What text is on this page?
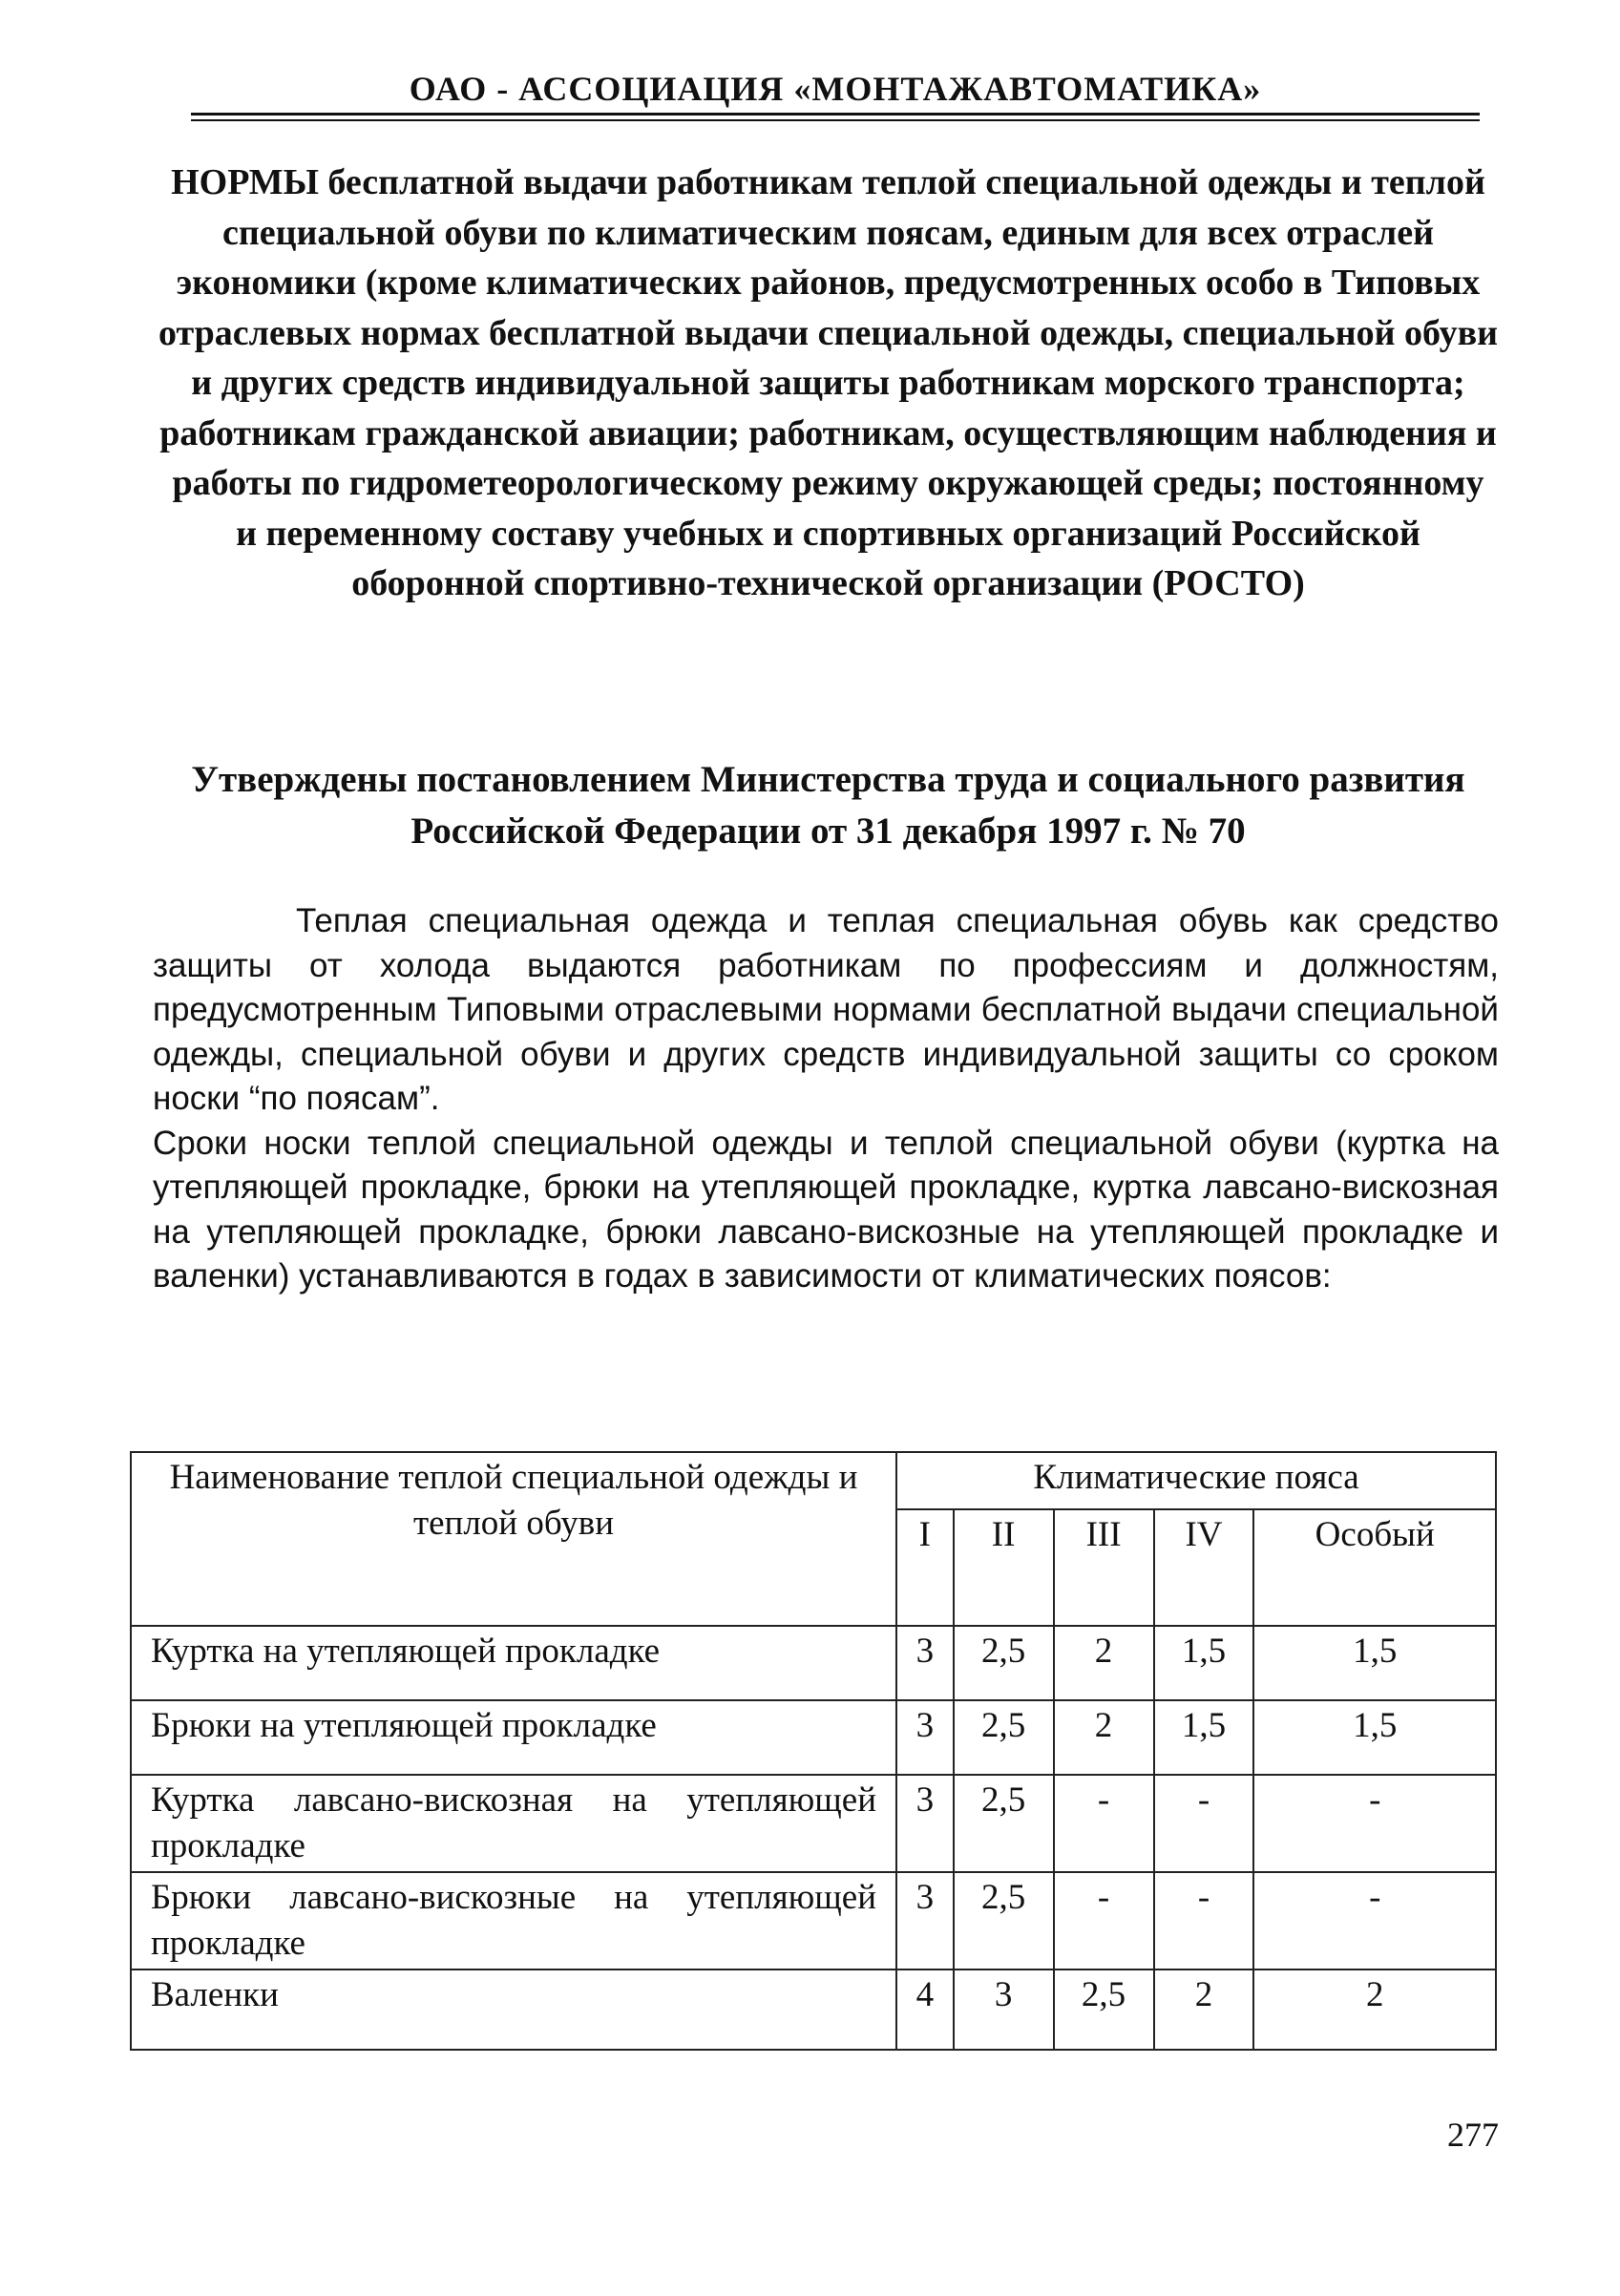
ОАО - АССОЦИАЦИЯ «МОНТАЖАВТОМАТИКА»
НОРМЫ бесплатной выдачи работникам теплой специальной одежды и теплой специальной обуви по климатическим поясам, единым для всех отраслей экономики (кроме климатических районов, предусмотренных особо в Типовых отраслевых нормах бесплатной выдачи специальной одежды, специальной обуви и других средств индивидуальной защиты работникам морского транспорта; работникам гражданской авиации; работникам, осуществляющим наблюдения и работы по гидрометеорологическому режиму окружающей среды; постоянному и переменному составу учебных и спортивных организаций Российской оборонной спортивно-технической организации (РОСТО)
Утверждены постановлением Министерства труда и социального развития Российской Федерации от 31 декабря 1997 г. № 70

Теплая специальная одежда и теплая специальная обувь как средство защиты от холода выдаются работникам по профессиям и должностям, предусмотренным Типовыми отраслевыми нормами бесплатной выдачи специальной одежды, специальной обуви и других средств индивидуальной защиты со сроком носки “по поясам”.

Сроки носки теплой специальной одежды и теплой специальной обуви (куртка на утепляющей прокладке, брюки на утепляющей прокладке, куртка лавсано-вискозная на утепляющей прокладке, брюки лавсано-вискозные на утепляющей прокладке и валенки) устанавливаются в годах в зависимости от климатических поясов:

Наименование теплой специальной одежды и теплой обуви	Климатические пояса				
	I	II	III	IV	Особый
Куртка на утепляющей прокладке	3	2,5	2	1,5	1,5
Брюки на утепляющей прокладке	3	2,5	2	1,5	1,5
Куртка лавсано-вискозная на утепляющей прокладке	3	2,5	-	-	-
Брюки лавсано-вискозные на утепляющей прокладке	3	2,5	-	-	-
Валенки	4	3	2,5	2	2
277
